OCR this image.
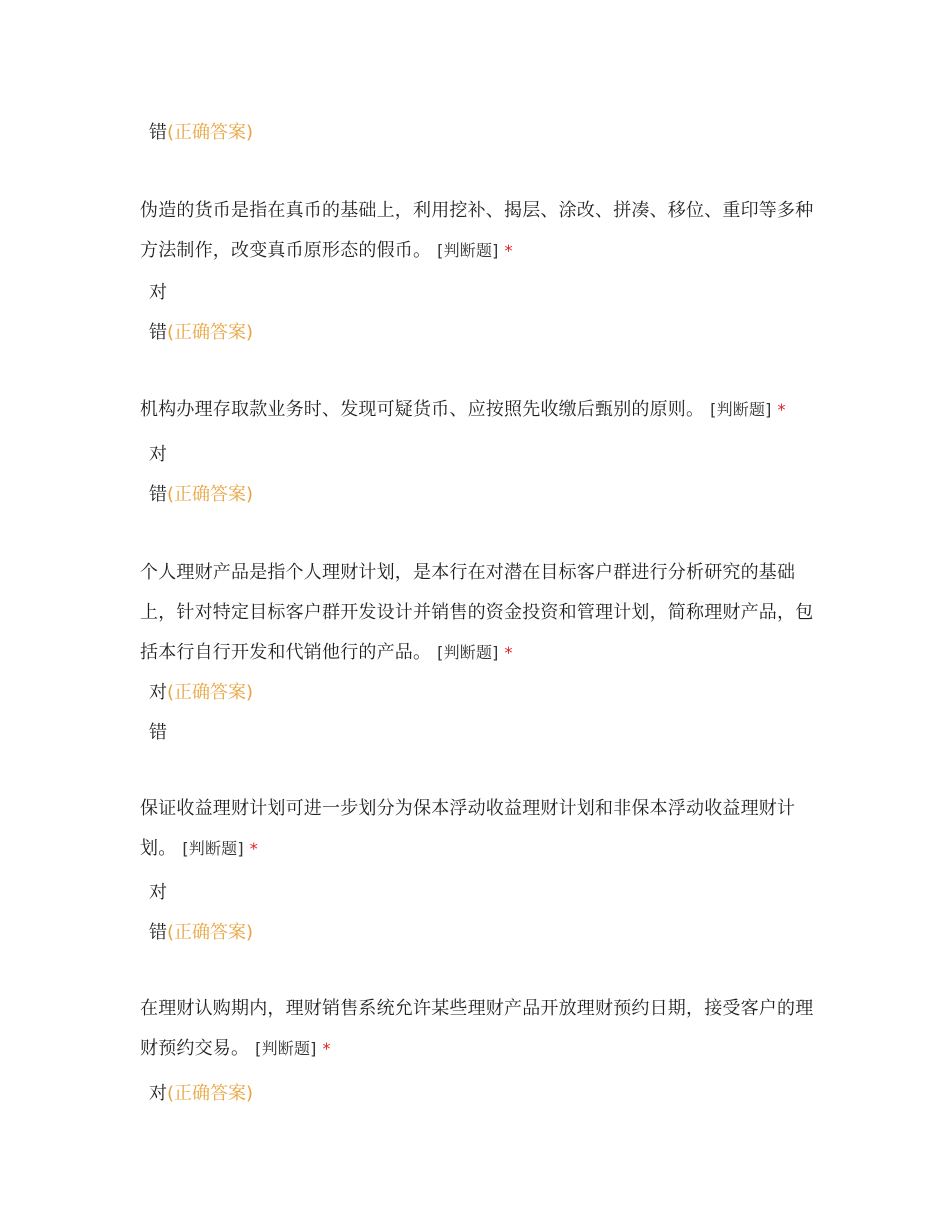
错(正确答案)

伪造的货币是指在真币的基础上，利用挖补、揭层、涂改、拼凑、移位、重印等多种方法制作，改变真币原形态的假币。 [判断题] *

对
错(正确答案)

机构办理存取款业务时、发现可疑货币、应按照先收缴后甄别的原则。 [判断题] *

对
错(正确答案)

个人理财产品是指个人理财计划，是本行在对潜在目标客户群进行分析研究的基础上，针对特定目标客户群开发设计并销售的资金投资和管理计划，简称理财产品，包括本行自行开发和代销他行的产品。 [判断题] *

对(正确答案)
错

保证收益理财计划可进一步划分为保本浮动收益理财计划和非保本浮动收益理财计划。 [判断题] *

对
错(正确答案)

在理财认购期内，理财销售系统允许某些理财产品开放理财预约日期，接受客户的理财预约交易。 [判断题] *

对(正确答案)
